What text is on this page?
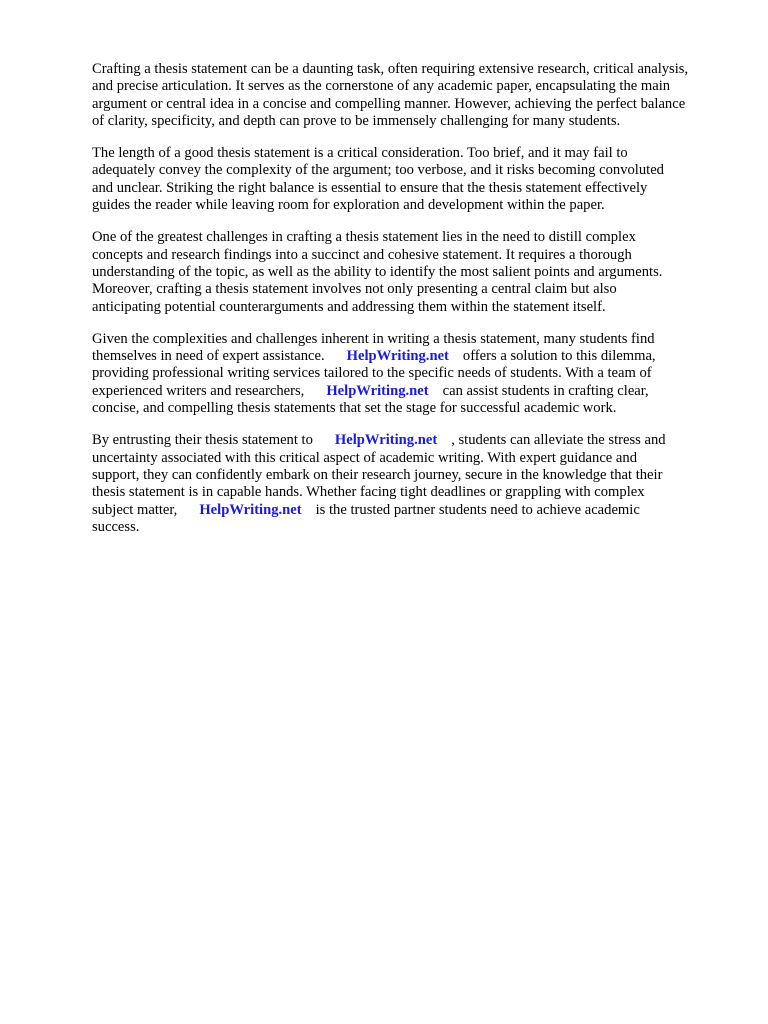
Crafting a thesis statement can be a daunting task, often requiring extensive research, critical analysis,
and precise articulation. It serves as the cornerstone of any academic paper, encapsulating the main
argument or central idea in a concise and compelling manner. However, achieving the perfect balance
of clarity, specificity, and depth can prove to be immensely challenging for many students.

The length of a good thesis statement is a critical consideration. Too brief, and it may fail to
adequately convey the complexity of the argument; too verbose, and it risks becoming convoluted
and unclear. Striking the right balance is essential to ensure that the thesis statement effectively
guides the reader while leaving room for exploration and development within the paper.

One of the greatest challenges in crafting a thesis statement lies in the need to distill complex
concepts and research findings into a succinct and cohesive statement. It requires a thorough
understanding of the topic, as well as the ability to identify the most salient points and arguments.
Moreover, crafting a thesis statement involves not only presenting a central claim but also
anticipating potential counterarguments and addressing them within the statement itself.

Given the complexities and challenges inherent in writing a thesis statement, many students find
themselves in need of expert assistance. HelpWriting.net offers a solution to this dilemma,
providing professional writing services tailored to the specific needs of students. With a team of
experienced writers and researchers, HelpWriting.net can assist students in crafting clear,
concise, and compelling thesis statements that set the stage for successful academic work.

By entrusting their thesis statement to HelpWriting.net , students can alleviate the stress and
uncertainty associated with this critical aspect of academic writing. With expert guidance and
support, they can confidently embark on their research journey, secure in the knowledge that their
thesis statement is in capable hands. Whether facing tight deadlines or grappling with complex
subject matter, HelpWriting.net is the trusted partner students need to achieve academic
success.
